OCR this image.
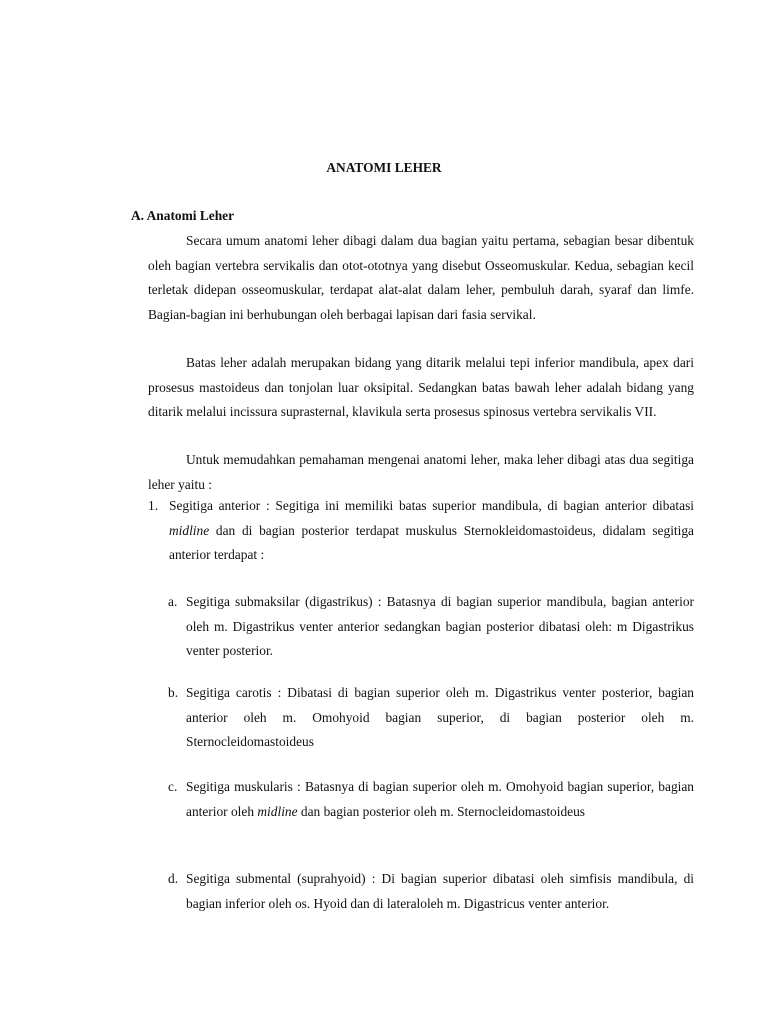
ANATOMI LEHER
A. Anatomi Leher

Secara umum anatomi leher dibagi dalam dua bagian yaitu pertama, sebagian besar dibentuk oleh bagian vertebra servikalis dan otot-ototnya yang disebut Osseomuskular. Kedua, sebagian kecil terletak didepan osseomuskular, terdapat alat-alat dalam leher, pembuluh darah, syaraf dan limfe. Bagian-bagian ini berhubungan oleh berbagai lapisan dari fasia servikal.

Batas leher adalah merupakan bidang yang ditarik melalui tepi inferior mandibula, apex dari prosesus mastoideus dan tonjolan luar oksipital. Sedangkan batas bawah leher adalah bidang yang ditarik melalui incissura suprasternal, klavikula serta prosesus spinosus vertebra servikalis VII.

Untuk memudahkan pemahaman mengenai anatomi leher, maka leher dibagi atas dua segitiga leher yaitu :

1. Segitiga anterior : Segitiga ini memiliki batas superior mandibula, di bagian anterior dibatasi midline dan di bagian posterior terdapat muskulus Sternokleidomastoideus, didalam segitiga anterior terdapat :
a. Segitiga submaksilar (digastrikus) : Batasnya di bagian superior mandibula, bagian anterior oleh m. Digastrikus venter anterior sedangkan bagian posterior dibatasi oleh: m Digastrikus venter posterior.
b. Segitiga carotis : Dibatasi di bagian superior oleh m. Digastrikus venter posterior, bagian anterior oleh m. Omohyoid bagian superior, di bagian posterior oleh m. Sternocleidomastoideus
c. Segitiga muskularis : Batasnya di bagian superior oleh m. Omohyoid bagian superior, bagian anterior oleh midline dan bagian posterior oleh m. Sternocleidomastoideus
d. Segitiga submental (suprahyoid) : Di bagian superior dibatasi oleh simfisis mandibula, di bagian inferior oleh os. Hyoid dan di lateraloleh m. Digastricus venter anterior.
